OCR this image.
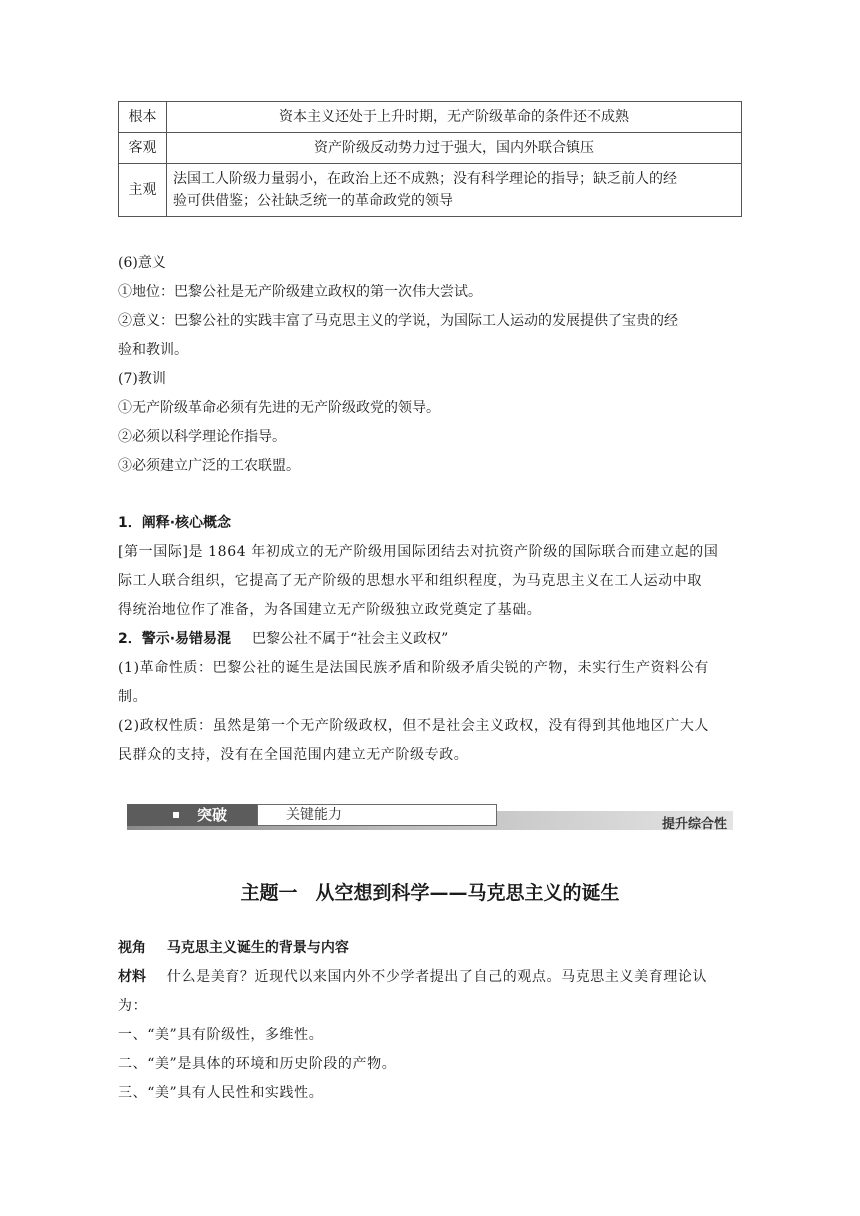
根本	资本主义还处于上升时期，无产阶级革命的条件还不成熟
客观	资产阶级反动势力过于强大，国内外联合镇压
主观	法国工人阶级力量弱小，在政治上还不成熟；没有科学理论的指导；缺乏前人的经
验可供借鉴；公社缺乏统一的革命政党的领导
(6)意义
①地位：巴黎公社是无产阶级建立政权的第一次伟大尝试。
②意义：巴黎公社的实践丰富了马克思主义的学说，为国际工人运动的发展提供了宝贵的经
验和教训。
(7)教训
①无产阶级革命必须有先进的无产阶级政党的领导。
②必须以科学理论作指导。
③必须建立广泛的工农联盟。
1．阐释·核心概念
[第一国际]是 1864 年初成立的无产阶级用国际团结去对抗资产阶级的国际联合而建立起的国
际工人联合组织，它提高了无产阶级的思想水平和组织程度，为马克思主义在工人运动中取
得统治地位作了准备，为各国建立无产阶级独立政党奠定了基础。
2．警示·易错易混 巴黎公社不属于“社会主义政权”
(1)革命性质：巴黎公社的诞生是法国民族矛盾和阶级矛盾尖锐的产物，未实行生产资料公有
制。
(2)政权性质：虽然是第一个无产阶级政权，但不是社会主义政权，没有得到其他地区广大人
民群众的支持，没有在全国范围内建立无产阶级专政。
突破	关键能力
提升综合性
主题一 从空想到科学——马克思主义的诞生
视角 马克思主义诞生的背景与内容
材料 什么是美育？近现代以来国内外不少学者提出了自己的观点。马克思主义美育理论认
为：
一、“美”具有阶级性，多维性。
二、“美”是具体的环境和历史阶段的产物。
三、“美”具有人民性和实践性。
